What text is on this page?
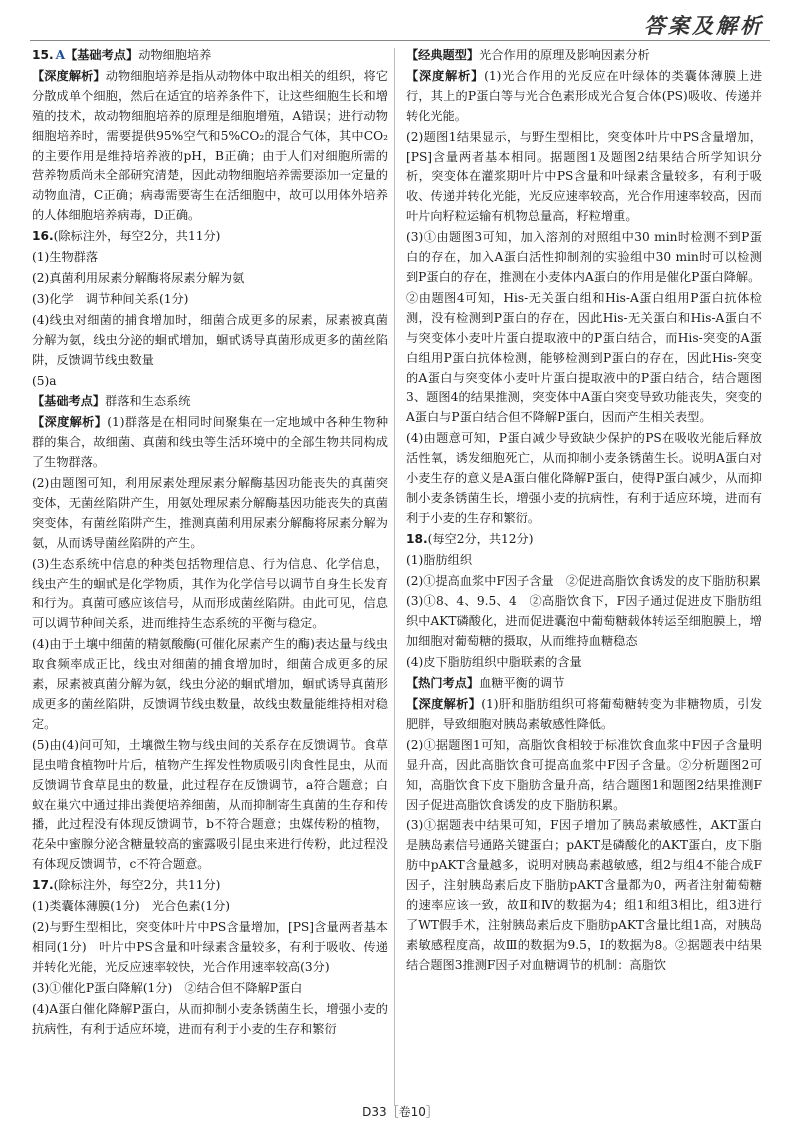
答案及解析

15. A【基础考点】动物细胞培养

【深度解析】动物细胞培养是指从动物体中取出相关的组织，将它分散成单个细胞，然后在适宜的培养条件下，让这些细胞生长和增殖的技术，故动物细胞培养的原理是细胞增殖，A错误；进行动物细胞培养时，需要提供95%空气和5%CO₂的混合气体，其中CO₂的主要作用是维持培养液的pH，B正确；由于人们对细胞所需的营养物质尚未全部研究清楚，因此动物细胞培养需要添加一定量的动物血清，C正确；病毒需要寄生在活细胞中，故可以用体外培养的人体细胞培养病毒，D正确。

16.(除标注外，每空2分，共11分)

(1)生物群落

(2)真菌利用尿素分解酶将尿素分解为氨

(3)化学　调节种间关系(1分)

(4)线虫对细菌的捕食增加时，细菌合成更多的尿素，尿素被真菌分解为氨，线虫分泌的蛔甙增加，蛔甙诱导真菌形成更多的菌丝陷阱，反馈调节线虫数量

(5)a

【基础考点】群落和生态系统

【深度解析】(1)群落是在相同时间聚集在一定地域中各种生物种群的集合，故细菌、真菌和线虫等生活环境中的全部生物共同构成了生物群落。

(2)由题图可知，利用尿素处理尿素分解酶基因功能丧失的真菌突变体，无菌丝陷阱产生，用氨处理尿素分解酶基因功能丧失的真菌突变体，有菌丝陷阱产生，推测真菌利用尿素分解酶将尿素分解为氨，从而诱导菌丝陷阱的产生。

(3)生态系统中信息的种类包括物理信息、行为信息、化学信息，线虫产生的蛔甙是化学物质，其作为化学信号以调节自身生长发育和行为。真菌可感应该信号，从而形成菌丝陷阱。由此可见，信息可以调节种间关系，进而维持生态系统的平衡与稳定。

(4)由于土壤中细菌的精氨酸酶(可催化尿素产生的酶)表达量与线虫取食频率成正比，线虫对细菌的捕食增加时，细菌合成更多的尿素，尿素被真菌分解为氨，线虫分泌的蛔甙增加，蛔甙诱导真菌形成更多的菌丝陷阱，反馈调节线虫数量，故线虫数量能维持相对稳定。

(5)由(4)问可知，土壤微生物与线虫间的关系存在反馈调节。食草昆虫啃食植物叶片后，植物产生挥发性物质吸引肉食性昆虫，从而反馈调节食草昆虫的数量，此过程存在反馈调节，a符合题意；白蚁在巢穴中通过排出粪便培养细菌，从而抑制寄生真菌的生存和传播，此过程没有体现反馈调节，b不符合题意；虫媒传粉的植物，花朵中蜜腺分泌含糖量较高的蜜露吸引昆虫来进行传粉，此过程没有体现反馈调节，c不符合题意。

17.(除标注外，每空2分，共11分)

(1)类囊体薄膜(1分)　光合色素(1分)

(2)与野生型相比，突变体叶片中PS含量增加，[PS]含量两者基本相同(1分)　叶片中PS含量和叶绿素含量较多，有利于吸收、传递并转化光能，光反应速率较快，光合作用速率较高(3分)

(3)①催化P蛋白降解(1分)　②结合但不降解P蛋白

(4)A蛋白催化降解P蛋白，从而抑制小麦条锈菌生长，增强小麦的抗病性，有利于适应环境，进而有利于小麦的生存和繁衍

【经典题型】光合作用的原理及影响因素分析

【深度解析】(1)光合作用的光反应在叶绿体的类囊体薄膜上进行，其上的P蛋白等与光合色素形成光合复合体(PS)吸收、传递并转化光能。

(2)题图1结果显示，与野生型相比，突变体叶片中PS含量增加，[PS]含量两者基本相同。据题图1及题图2结果结合所学知识分析，突变体在灌浆期叶片中PS含量和叶绿素含量较多，有利于吸收、传递并转化光能，光反应速率较高，光合作用速率较高，因而叶片向籽粒运输有机物总量高，籽粒增重。

(3)①由题图3可知，加入溶剂的对照组中30 min时检测不到P蛋白的存在，加入A蛋白活性抑制剂的实验组中30 min时可以检测到P蛋白的存在，推测在小麦体内A蛋白的作用是催化P蛋白降解。

②由题图4可知，His-无关蛋白组和His-A蛋白组用P蛋白抗体检测，没有检测到P蛋白的存在，因此His-无关蛋白和His-A蛋白不与突变体小麦叶片蛋白提取液中的P蛋白结合，而His-突变的A蛋白组用P蛋白抗体检测，能够检测到P蛋白的存在，因此His-突变的A蛋白与突变体小麦叶片蛋白提取液中的P蛋白结合，结合题图3、题图4的结果推测，突变体中A蛋白突变导致功能丧失，突变的A蛋白与P蛋白结合但不降解P蛋白，因而产生相关表型。

(4)由题意可知，P蛋白减少导致缺少保护的PS在吸收光能后释放活性氧，诱发细胞死亡，从而抑制小麦条锈菌生长。说明A蛋白对小麦生存的意义是A蛋白催化降解P蛋白，使得P蛋白减少，从而抑制小麦条锈菌生长，增强小麦的抗病性，有利于适应环境，进而有利于小麦的生存和繁衍。

18.(每空2分，共12分)

(1)脂肪组织

(2)①提高血浆中F因子含量　②促进高脂饮食诱发的皮下脂肪积累

(3)①8、4、9.5、4　②高脂饮食下，F因子通过促进皮下脂肪组织中AKT磷酸化，进而促进囊泡中葡萄糖载体转运至细胞膜上，增加细胞对葡萄糖的摄取，从而维持血糖稳态

(4)皮下脂肪组织中脂联素的含量

【热门考点】血糖平衡的调节

【深度解析】(1)肝和脂肪组织可将葡萄糖转变为非糖物质，引发肥胖，导致细胞对胰岛素敏感性降低。

(2)①据题图1可知，高脂饮食相较于标准饮食血浆中F因子含量明显升高，因此高脂饮食可提高血浆中F因子含量。②分析题图2可知，高脂饮食下皮下脂肪含量升高，结合题图1和题图2结果推测F因子促进高脂饮食诱发的皮下脂肪积累。

(3)①据题表中结果可知，F因子增加了胰岛素敏感性，AKT蛋白是胰岛素信号通路关键蛋白；pAKT是磷酸化的AKT蛋白，皮下脂肪中pAKT含量越多，说明对胰岛素越敏感，组2与组4不能合成F因子，注射胰岛素后皮下脂肪pAKT含量都为0，两者注射葡萄糖的速率应该一致，故Ⅱ和Ⅳ的数据为4；组1和组3相比，组3进行了WT假手术，注射胰岛素后皮下脂肪pAKT含量比组1高，对胰岛素敏感程度高，故Ⅲ的数据为9.5，Ⅰ的数据为8。②据题表中结果结合题图3推测F因子对血糖调节的机制：高脂饮

D33［卷10］
